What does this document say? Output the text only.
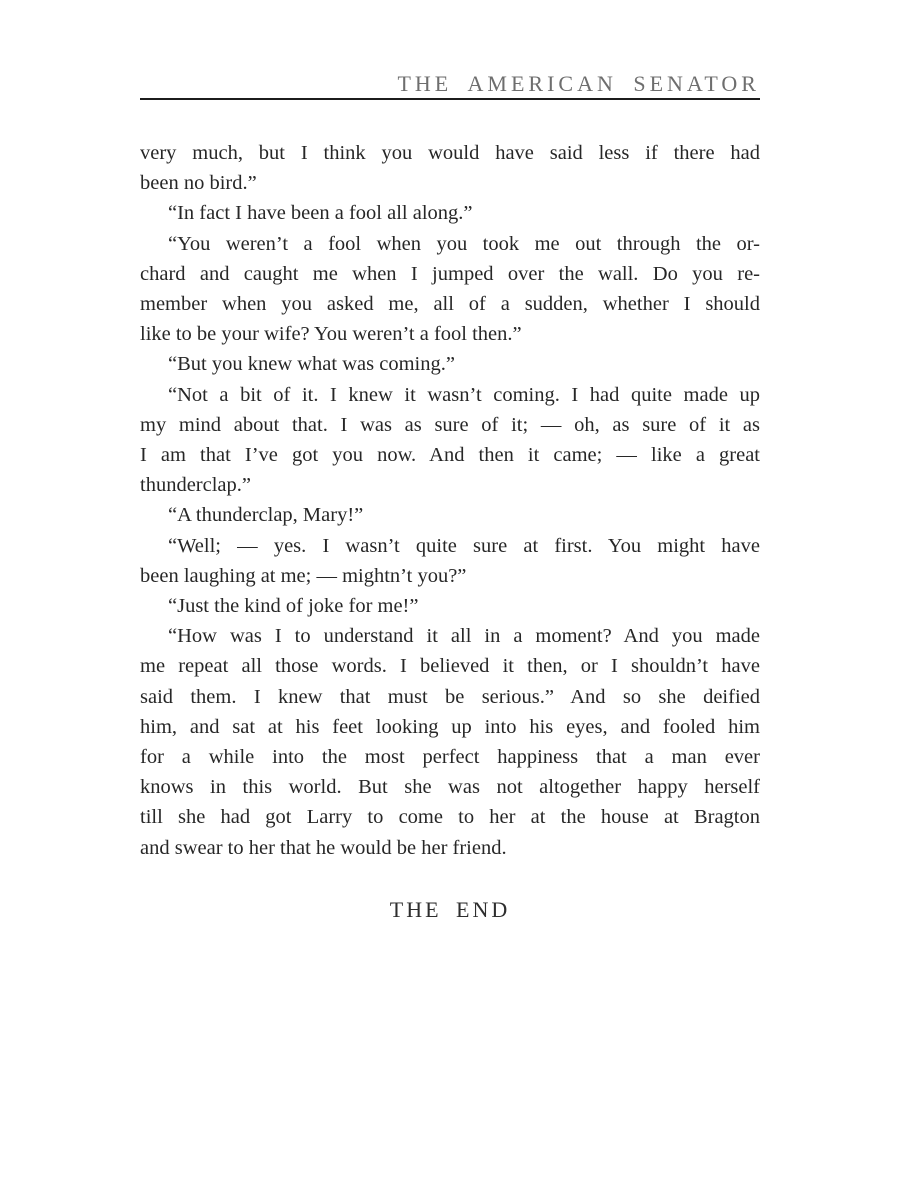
THE AMERICAN SENATOR
very much, but I think you would have said less if there had
been no bird.”
“In fact I have been a fool all along.”
“You weren’t a fool when you took me out through the or-
chard and caught me when I jumped over the wall. Do you re-
member when you asked me, all of a sudden, whether I should
like to be your wife? You weren’t a fool then.”
“But you knew what was coming.”
“Not a bit of it. I knew it wasn’t coming. I had quite made up
my mind about that. I was as sure of it; — oh, as sure of it as
I am that I’ve got you now. And then it came; — like a great
thunderclap.”
“A thunderclap, Mary!”
“Well; — yes. I wasn’t quite sure at first. You might have
been laughing at me; — mightn’t you?”
“Just the kind of joke for me!”
“How was I to understand it all in a moment? And you made
me repeat all those words. I believed it then, or I shouldn’t have
said them. I knew that must be serious.” And so she deified
him, and sat at his feet looking up into his eyes, and fooled him
for a while into the most perfect happiness that a man ever
knows in this world. But she was not altogether happy herself
till she had got Larry to come to her at the house at Bragton
and swear to her that he would be her friend.
THE END
